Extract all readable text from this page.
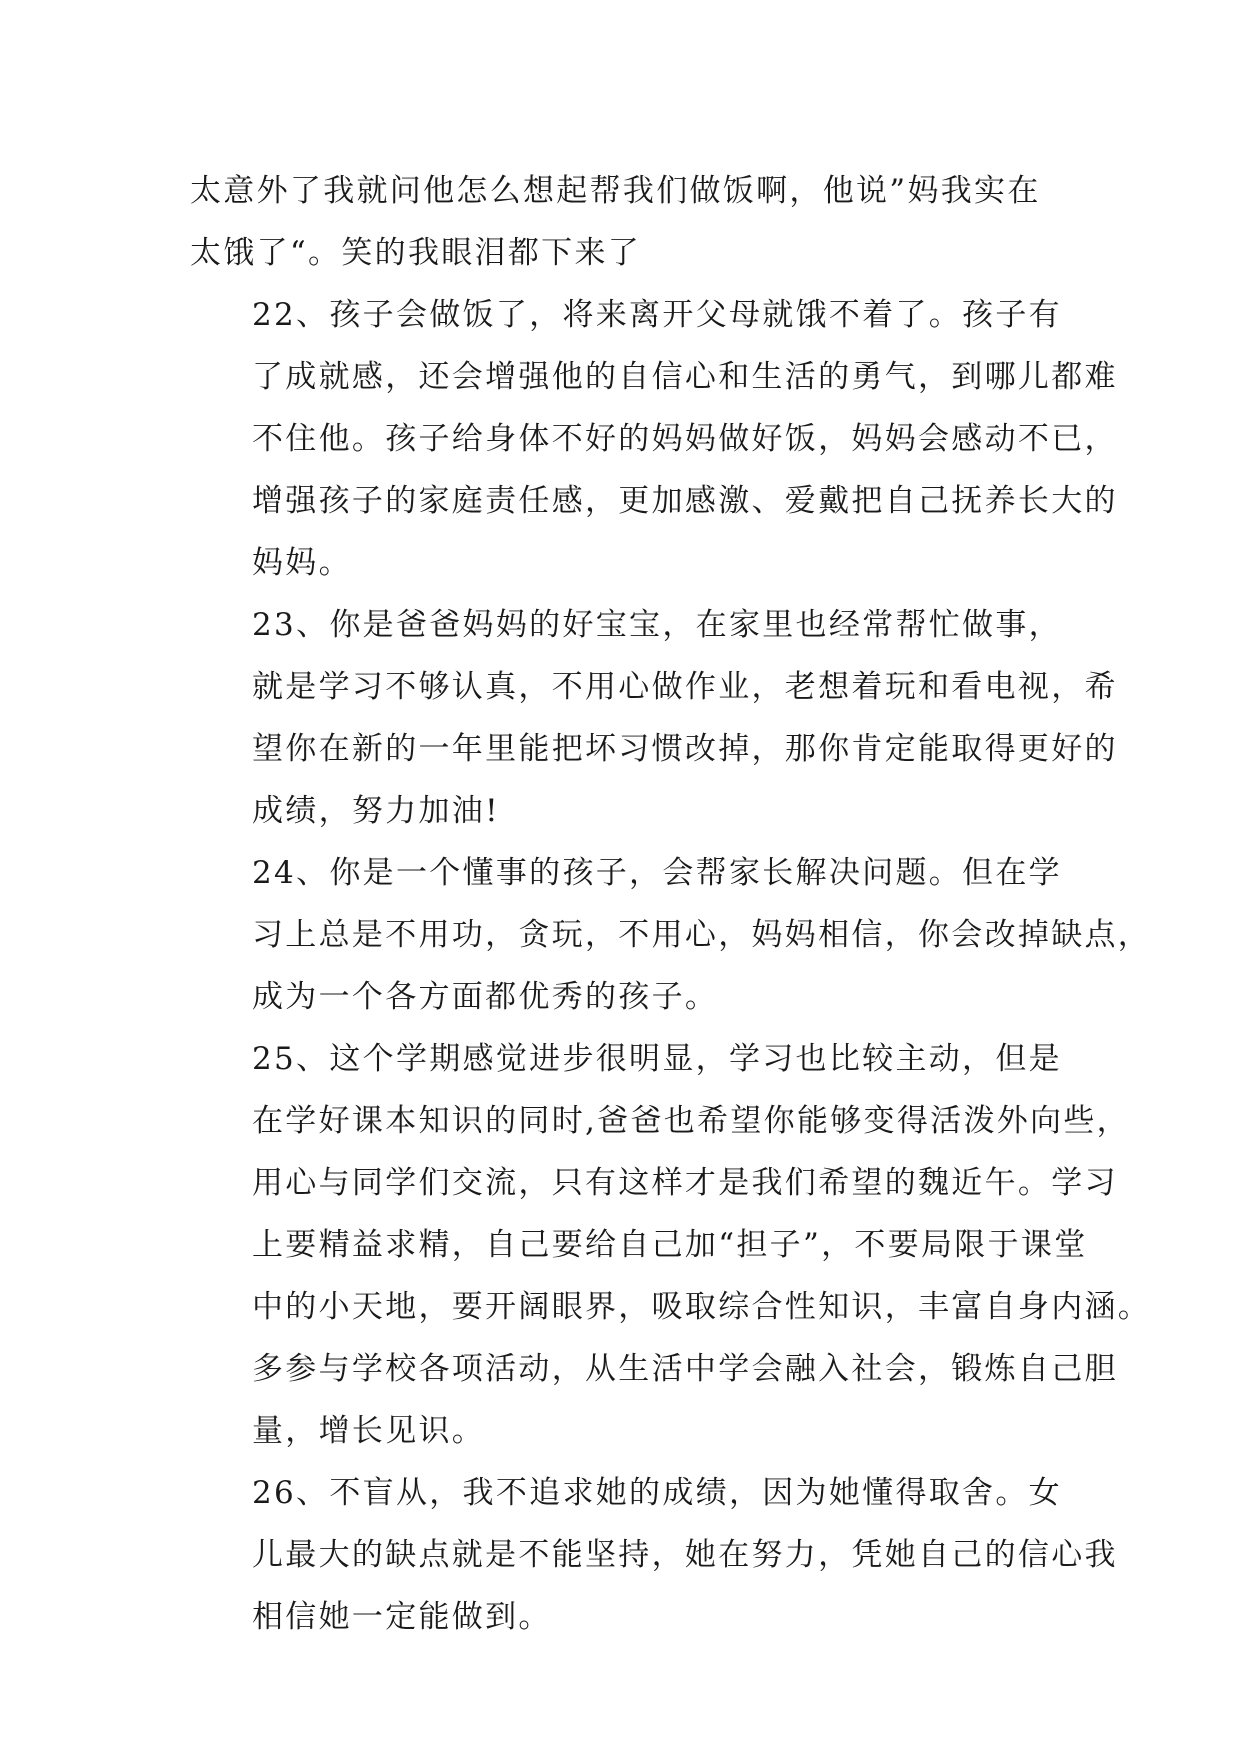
太意外了我就问他怎么想起帮我们做饭啊，他说”妈我实在
太饿了“。笑的我眼泪都下来了

22、孩子会做饭了，将来离开父母就饿不着了。孩子有
了成就感，还会增强他的自信心和生活的勇气，到哪儿都难
不住他。孩子给身体不好的妈妈做好饭，妈妈会感动不已，
增强孩子的家庭责任感，更加感激、爱戴把自己抚养长大的
妈妈。

23、你是爸爸妈妈的好宝宝，在家里也经常帮忙做事，
就是学习不够认真，不用心做作业，老想着玩和看电视，希
望你在新的一年里能把坏习惯改掉，那你肯定能取得更好的
成绩，努力加油!

24、你是一个懂事的孩子，会帮家长解决问题。但在学
习上总是不用功，贪玩，不用心，妈妈相信，你会改掉缺点，
成为一个各方面都优秀的孩子。

25、这个学期感觉进步很明显，学习也比较主动，但是
在学好课本知识的同时,爸爸也希望你能够变得活泼外向些，
用心与同学们交流，只有这样才是我们希望的魏近午。学习
上要精益求精，自己要给自己加“担子”，不要局限于课堂
中的小天地，要开阔眼界，吸取综合性知识，丰富自身内涵。
多参与学校各项活动，从生活中学会融入社会，锻炼自己胆
量，增长见识。

26、不盲从，我不追求她的成绩，因为她懂得取舍。女
儿最大的缺点就是不能坚持，她在努力，凭她自己的信心我
相信她一定能做到。
